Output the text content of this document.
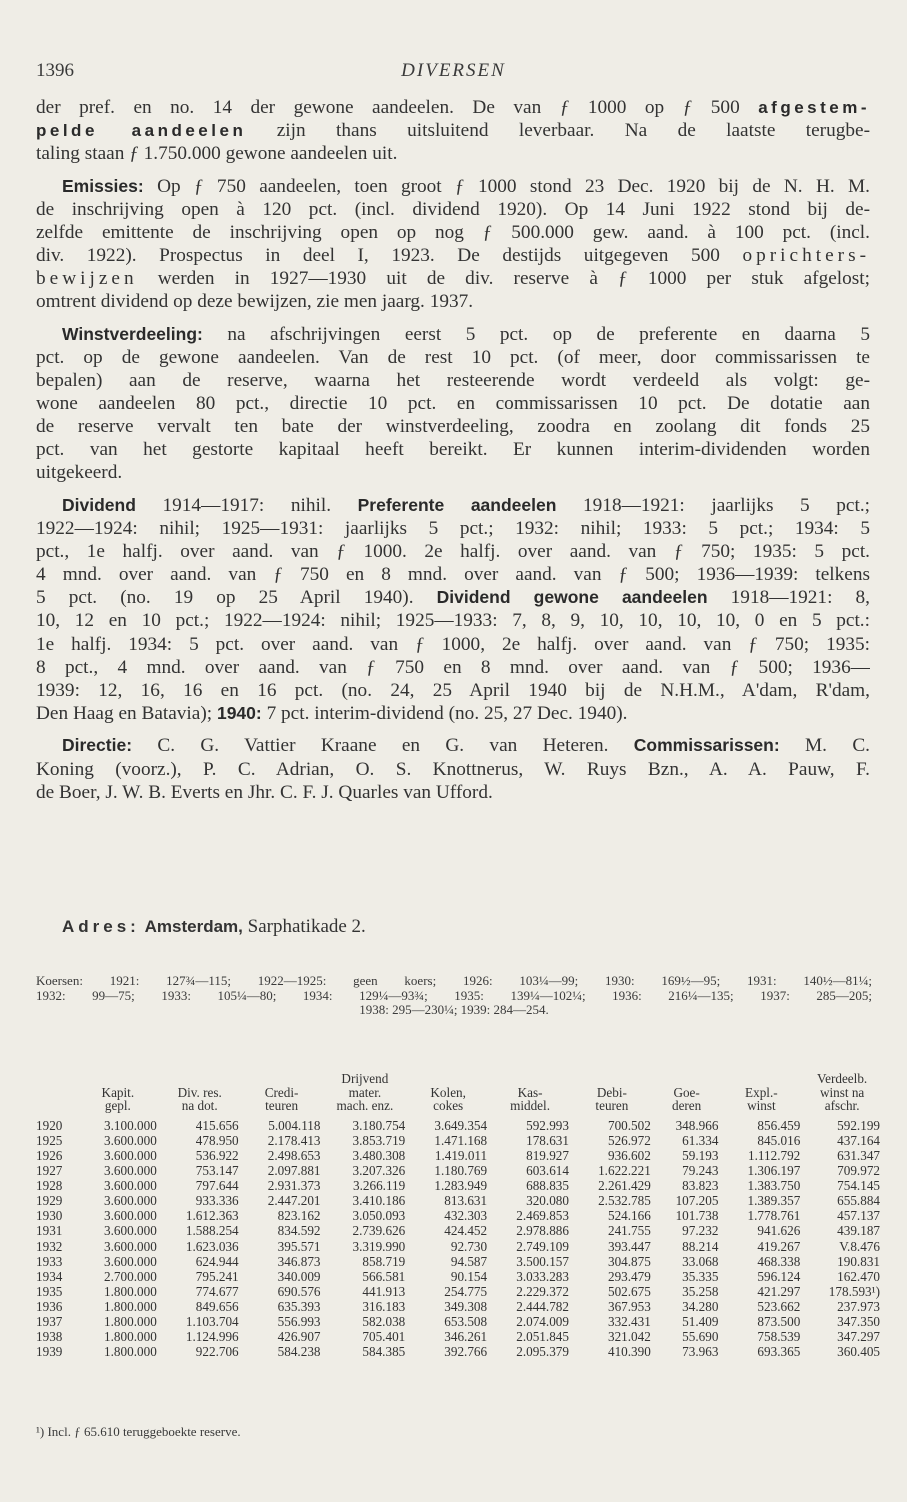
1396	DIVERSEN
der pref. en no. 14 der gewone aandeelen. De van ƒ 1000 op ƒ 500 afgestem-
pelde aandeelen zijn thans uitsluitend leverbaar. Na de laatste terugbe-
taling staan ƒ 1.750.000 gewone aandeelen uit.
Emissies: Op ƒ 750 aandeelen, toen groot ƒ 1000 stond 23 Dec. 1920 bij de N. H. M.
de inschrijving open à 120 pct. (incl. dividend 1920). Op 14 Juni 1922 stond bij de-
zelfde emittente de inschrijving open op nog ƒ 500.000 gew. aand. à 100 pct. (incl.
div. 1922). Prospectus in deel I, 1923. De destijds uitgegeven 500 oprichters-
bewijzen werden in 1927—1930 uit de div. reserve à ƒ 1000 per stuk afgelost;
omtrent dividend op deze bewijzen, zie men jaarg. 1937.
Winstverdeeling: na afschrijvingen eerst 5 pct. op de preferente en daarna 5
pct. op de gewone aandeelen. Van de rest 10 pct. (of meer, door commissarissen te
bepalen) aan de reserve, waarna het resteerende wordt verdeeld als volgt: ge-
wone aandeelen 80 pct., directie 10 pct. en commissarissen 10 pct. De dotatie aan
de reserve vervalt ten bate der winstverdeeling, zoodra en zoolang dit fonds 25
pct. van het gestorte kapitaal heeft bereikt. Er kunnen interim-dividenden worden
uitgekeerd.
Dividend 1914—1917: nihil. Preferente aandeelen 1918—1921: jaarlijks 5 pct.;
1922—1924: nihil; 1925—1931: jaarlijks 5 pct.; 1932: nihil; 1933: 5 pct.; 1934: 5
pct., 1e halfj. over aand. van ƒ 1000. 2e halfj. over aand. van ƒ 750; 1935: 5 pct.
4 mnd. over aand. van ƒ 750 en 8 mnd. over aand. van ƒ 500; 1936—1939: telkens
5 pct. (no. 19 op 25 April 1940). Dividend gewone aandeelen 1918—1921: 8,
10, 12 en 10 pct.; 1922—1924: nihil; 1925—1933: 7, 8, 9, 10, 10, 10, 10, 0 en 5 pct.:
1e halfj. 1934: 5 pct. over aand. van ƒ 1000, 2e halfj. over aand. van ƒ 750; 1935:
8 pct., 4 mnd. over aand. van ƒ 750 en 8 mnd. over aand. van ƒ 500; 1936—
1939: 12, 16, 16 en 16 pct. (no. 24, 25 April 1940 bij de N.H.M., A'dam, R'dam,
Den Haag en Batavia); 1940: 7 pct. interim-dividend (no. 25, 27 Dec. 1940).
Directie: C. G. Vattier Kraane en G. van Heteren. Commissarissen: M. C.
Koning (voorz.), P. C. Adrian, O. S. Knottnerus, W. Ruys Bzn., A. A. Pauw, F.
de Boer, J. W. B. Everts en Jhr. C. F. J. Quarles van Ufford.
Adres: Amsterdam, Sarphatikade 2.
Koersen: 1921: 127¾—115; 1922—1925: geen koers; 1926: 103¼—99; 1930: 169½—95; 1931: 140½—81¼;
1932: 99—75; 1933: 105¼—80; 1934: 129¼—93¾; 1935: 139¼—102¼; 1936: 216¼—135; 1937: 285—205;
1938: 295—230¼; 1939: 284—254.
				Drijvend						Verdeelb.
	Kapit.	Div. res.	Credi-	mater.	Kolen,	Kas-	Debi-	Goe-	Expl.-	winst na
	gepl.	na dot.	teuren	mach. enz.	cokes	middel.	teuren	deren	winst	afschr.
1920	3.100.000	415.656	5.004.118	3.180.754	3.649.354	592.993	700.502	348.966	856.459	592.199
1925	3.600.000	478.950	2.178.413	3.853.719	1.471.168	178.631	526.972	61.334	845.016	437.164
1926	3.600.000	536.922	2.498.653	3.480.308	1.419.011	819.927	936.602	59.193	1.112.792	631.347
1927	3.600.000	753.147	2.097.881	3.207.326	1.180.769	603.614	1.622.221	79.243	1.306.197	709.972
1928	3.600.000	797.644	2.931.373	3.266.119	1.283.949	688.835	2.261.429	83.823	1.383.750	754.145
1929	3.600.000	933.336	2.447.201	3.410.186	813.631	320.080	2.532.785	107.205	1.389.357	655.884
1930	3.600.000	1.612.363	823.162	3.050.093	432.303	2.469.853	524.166	101.738	1.778.761	457.137
1931	3.600.000	1.588.254	834.592	2.739.626	424.452	2.978.886	241.755	97.232	941.626	439.187
1932	3.600.000	1.623.036	395.571	3.319.990	92.730	2.749.109	393.447	88.214	419.267	V.8.476
1933	3.600.000	624.944	346.873	858.719	94.587	3.500.157	304.875	33.068	468.338	190.831
1934	2.700.000	795.241	340.009	566.581	90.154	3.033.283	293.479	35.335	596.124	162.470
1935	1.800.000	774.677	690.576	441.913	254.775	2.229.372	502.675	35.258	421.297	178.593¹)
1936	1.800.000	849.656	635.393	316.183	349.308	2.444.782	367.953	34.280	523.662	237.973
1937	1.800.000	1.103.704	556.993	582.038	653.508	2.074.009	332.431	51.409	873.500	347.350
1938	1.800.000	1.124.996	426.907	705.401	346.261	2.051.845	321.042	55.690	758.539	347.297
1939	1.800.000	922.706	584.238	584.385	392.766	2.095.379	410.390	73.963	693.365	360.405
¹) Incl. ƒ 65.610 teruggeboekte reserve.
